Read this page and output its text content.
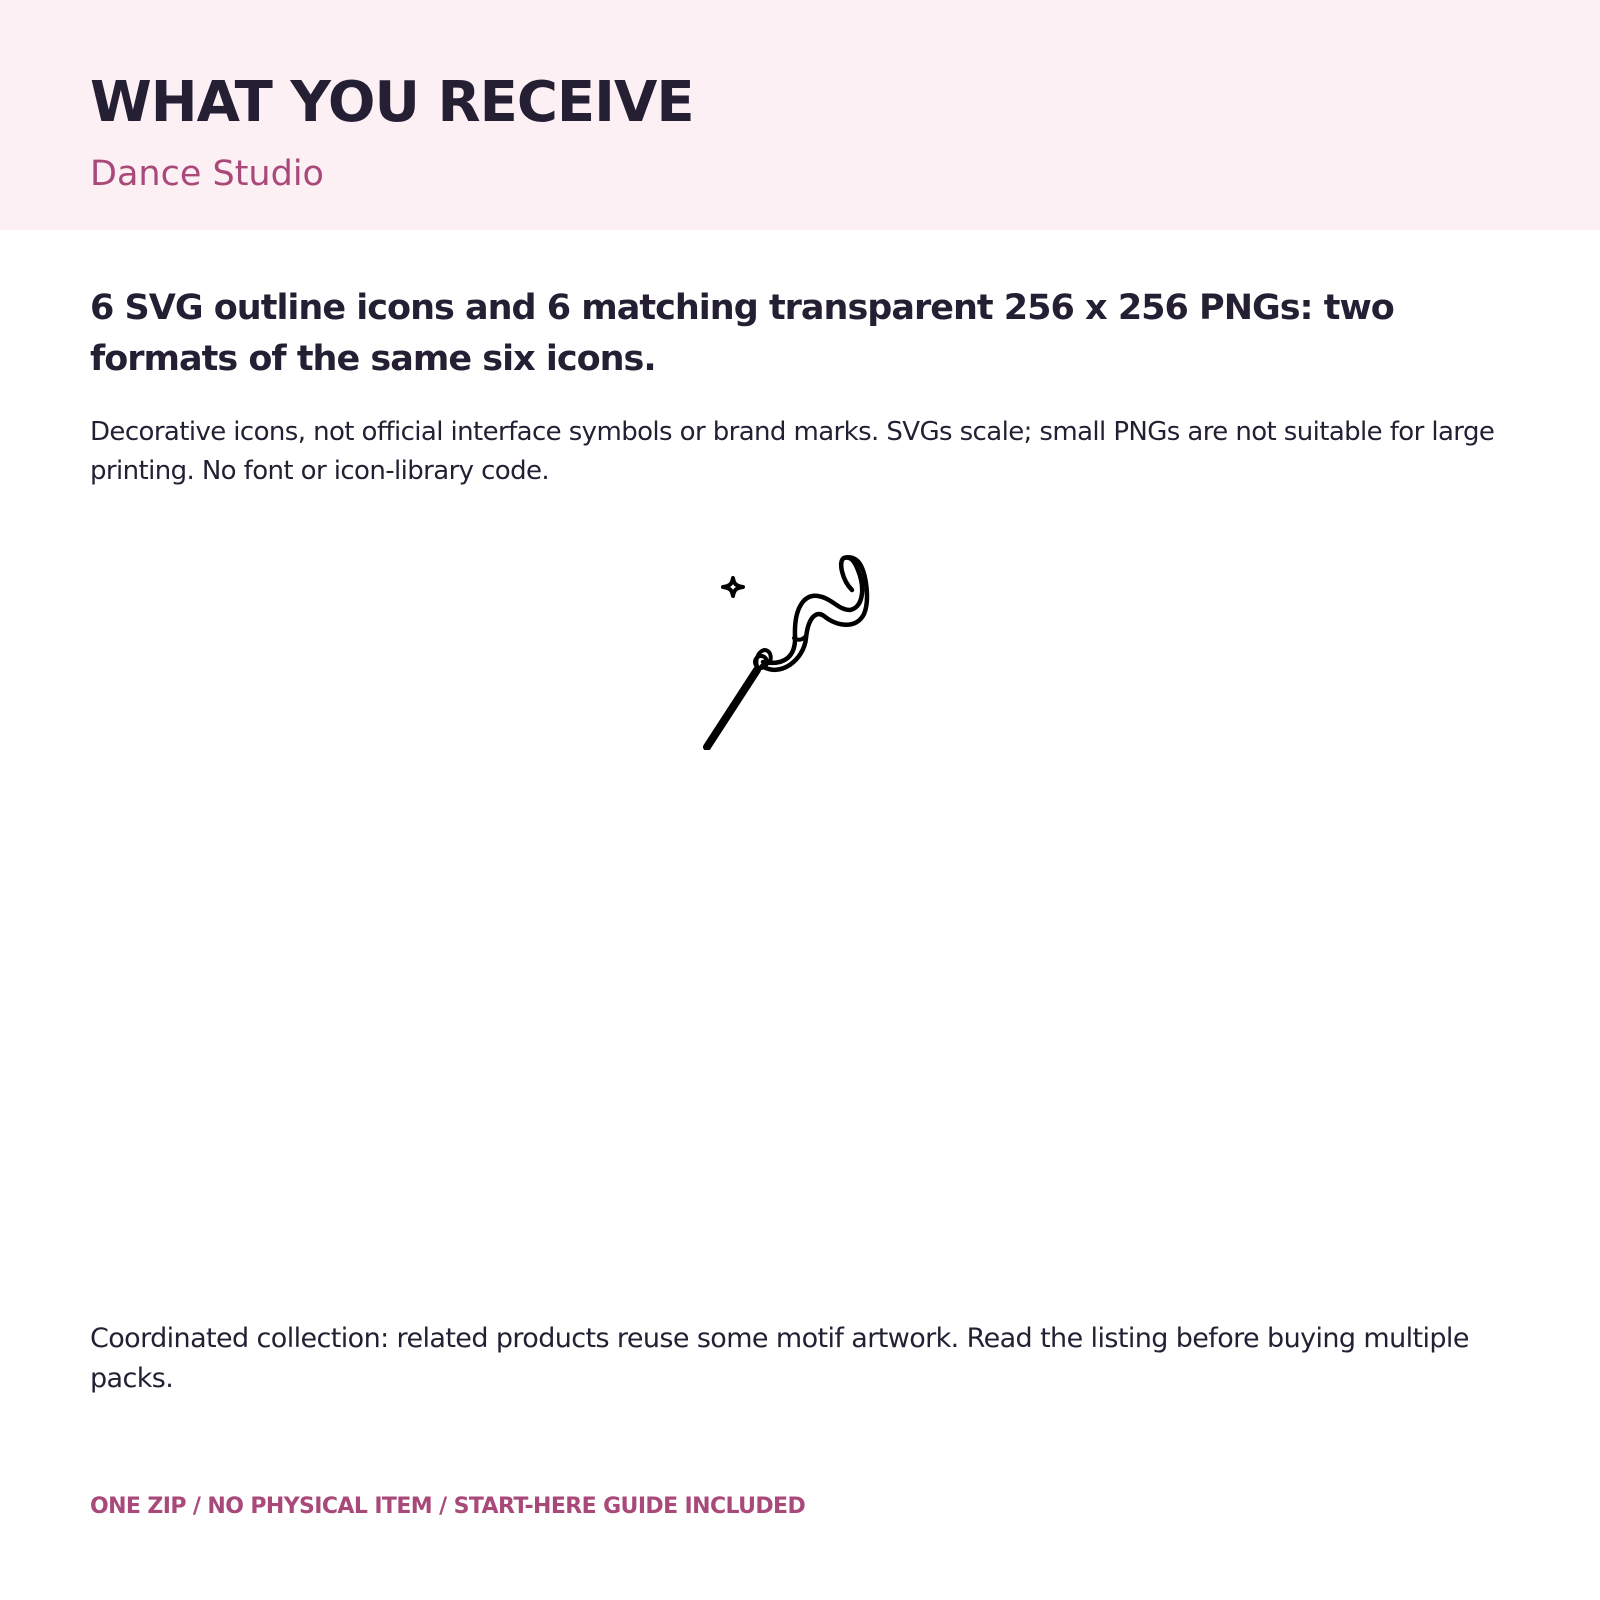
WHAT YOU RECEIVE

Dance Studio

6 SVG outline icons and 6 matching transparent 256 x 256 PNGs: two formats of the same six icons.

Decorative icons, not official interface symbols or brand marks. SVGs scale; small PNGs are not suitable for large printing. No font or icon-library code.

Coordinated collection: related products reuse some motif artwork. Read the listing before buying multiple packs.

ONE ZIP / NO PHYSICAL ITEM / START-HERE GUIDE INCLUDED
